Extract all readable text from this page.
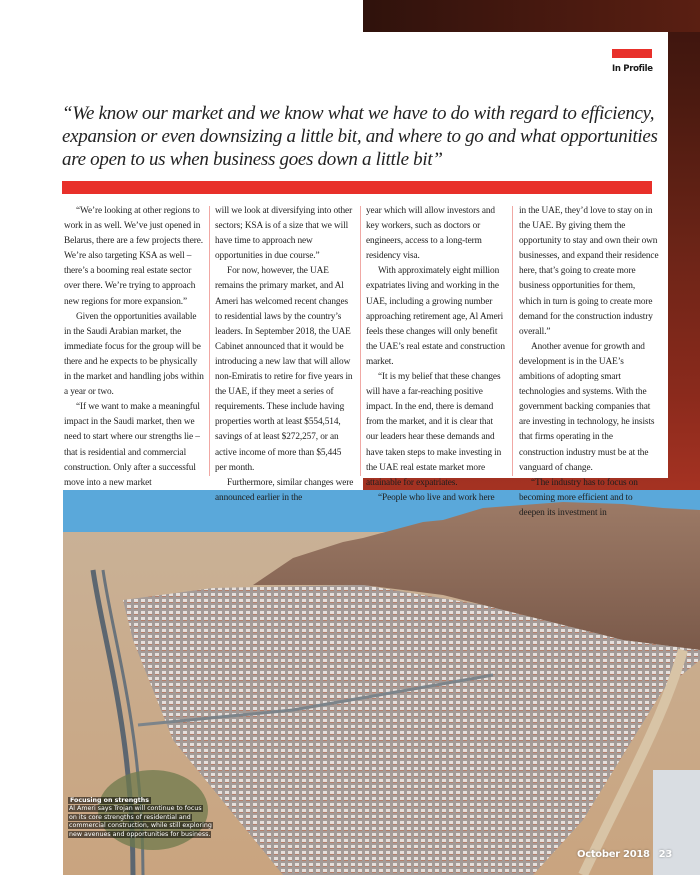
In Profile
“We know our market and we know what we have to do with regard to efficiency, expansion or even downsizing a little bit, and where to go and what opportunities are open to us when business goes down a little bit”

“We’re looking at other regions to work in as well. We’ve just opened in Belarus, there are a few projects there. We’re also targeting KSA as well – there’s a booming real estate sector over there. We’re trying to approach new regions for more expansion.”

Given the opportunities available in the Saudi Arabian market, the immediate focus for the group will be there and he expects to be physically in the market and handling jobs within a year or two.

“If we want to make a meaningful impact in the Saudi market, then we need to start where our strengths lie – that is residential and commercial construction. Only after a successful move into a new market

will we look at diversifying into other sectors; KSA is of a size that we will have time to approach new opportunities in due course.”

For now, however, the UAE remains the primary market, and Al Ameri has welcomed recent changes to residential laws by the country’s leaders. In September 2018, the UAE Cabinet announced that it would be introducing a new law that will allow non-Emiratis to retire for five years in the UAE, if they meet a series of requirements. These include having properties worth at least $554,514, savings of at least $272,257, or an active income of more than $5,445 per month.

Furthermore, similar changes were announced earlier in the

year which will allow investors and key workers, such as doctors or engineers, access to a long-term residency visa.

With approximately eight million expatriates living and working in the UAE, including a growing number approaching retirement age, Al Ameri feels these changes will only benefit the UAE’s real estate and construction market.

“It is my belief that these changes will have a far-reaching positive impact. In the end, there is demand from the market, and it is clear that our leaders hear these demands and have taken steps to make investing in the UAE real estate market more attainable for expatriates.

“People who live and work here

in the UAE, they’d love to stay on in the UAE. By giving them the opportunity to stay and own their own businesses, and expand their residence here, that’s going to create more business opportunities for them, which in turn is going to create more demand for the construction industry overall.”

Another avenue for growth and development is in the UAE’s ambitions of adopting smart technologies and systems. With the government backing companies that are investing in technology, he insists that firms operating in the construction industry must be at the vanguard of change.

“The industry has to focus on becoming more efficient and to deepen its investment in

Focusing on strengths
Al Ameri says Trojan will continue to focus
on its core strengths of residential and
commercial construction, while still exploring
new avenues and opportunities for business.
October 2018 23
